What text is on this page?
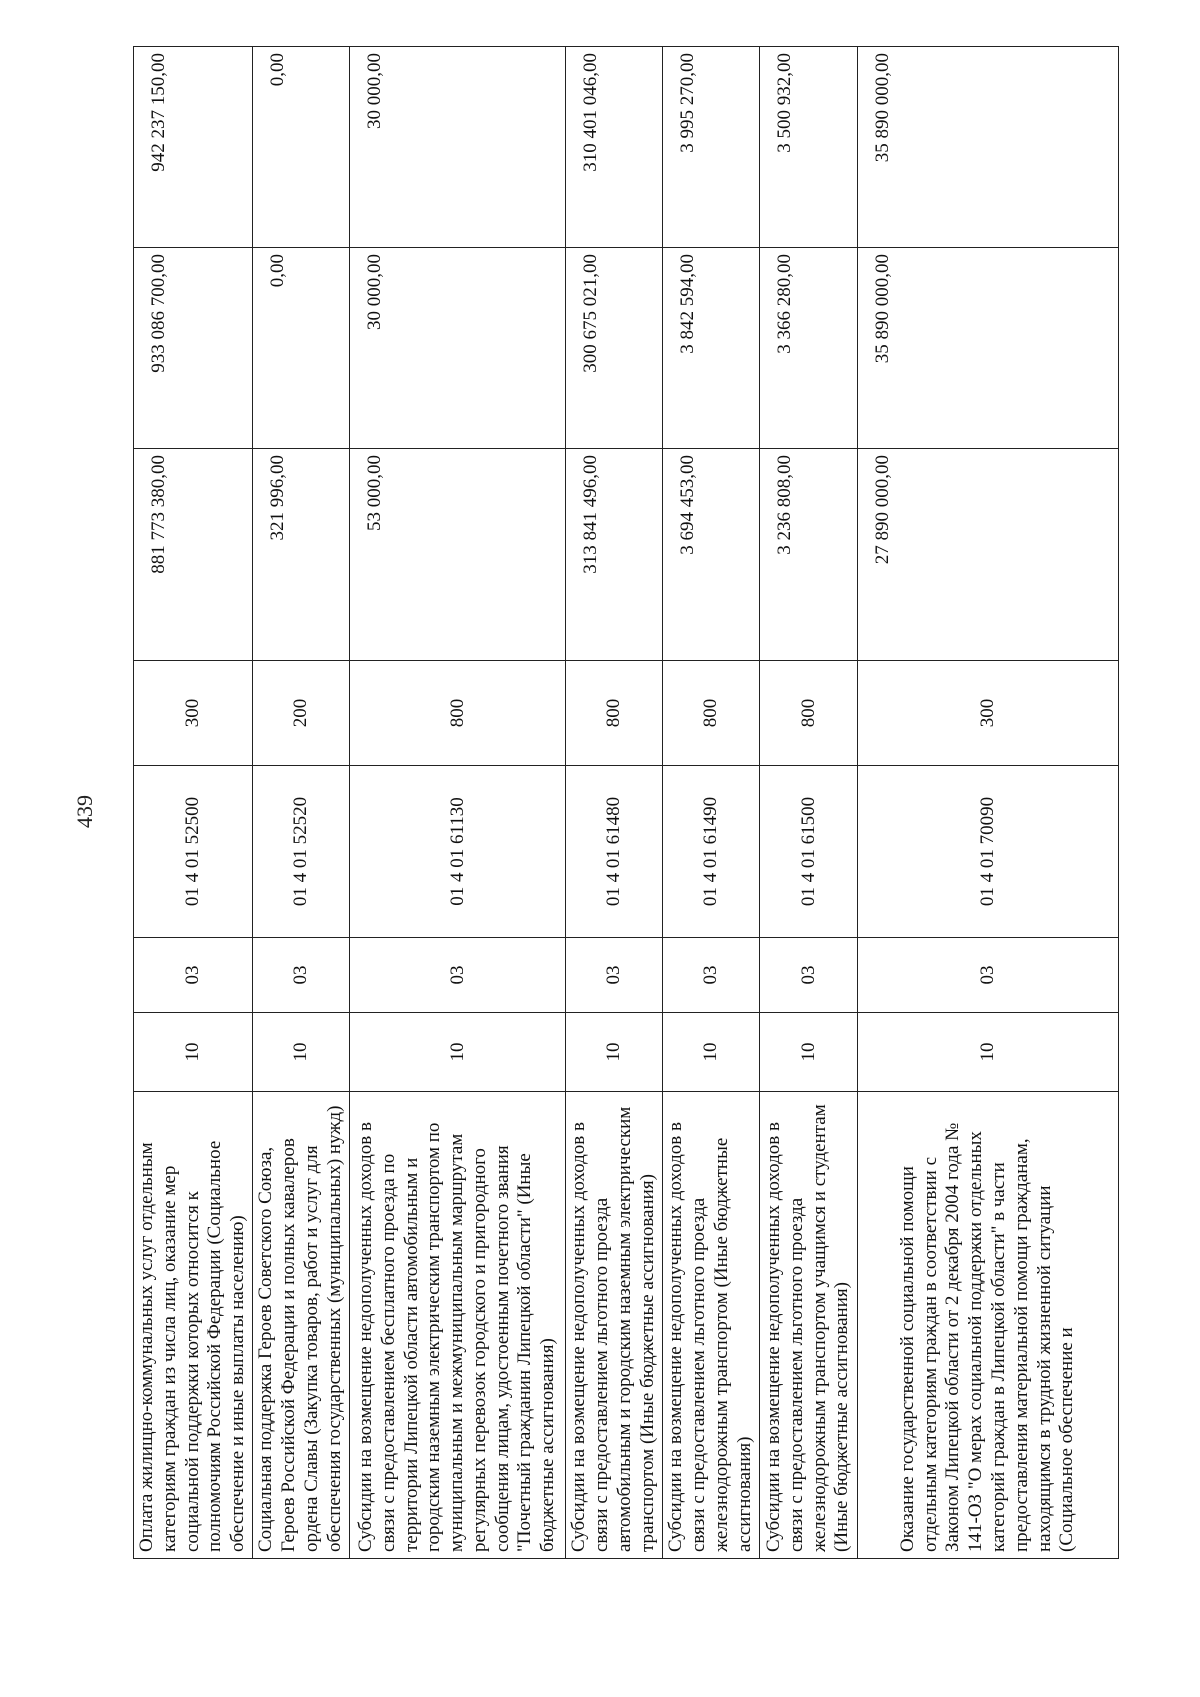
439
Оплата жилищно-коммунальных услуг отдельным категориям граждан из числа лиц, оказание мер социальной поддержки которых относится к полномочиям Российской Федерации (Социальное обеспечение и иные выплаты населению)	10	03	01 4 01 52500	300	881 773 380,00	933 086 700,00	942 237 150,00
Социальная поддержка Героев Советского Союза, Героев Российской Федерации и полных кавалеров ордена Славы (Закупка товаров, работ и услуг для обеспечения государственных (муниципальных) нужд)	10	03	01 4 01 52520	200	321 996,00	0,00	0,00
Субсидии на возмещение недополученных доходов в связи с предоставлением бесплатного проезда по территории Липецкой области автомобильным и городским наземным электрическим транспортом по муниципальным и межмуниципальным маршрутам регулярных перевозок городского и пригородного сообщения лицам, удостоенным почетного звания "Почетный гражданин Липецкой области" (Иные бюджетные ассигнования)	10	03	01 4 01 61130	800	53 000,00	30 000,00	30 000,00
Субсидии на возмещение недополученных доходов в связи с предоставлением льготного проезда автомобильным и городским наземным электрическим транспортом (Иные бюджетные ассигнования)	10	03	01 4 01 61480	800	313 841 496,00	300 675 021,00	310 401 046,00
Субсидии на возмещение недополученных доходов в связи с предоставлением льготного проезда железнодорожным транспортом (Иные бюджетные ассигнования)	10	03	01 4 01 61490	800	3 694 453,00	3 842 594,00	3 995 270,00
Субсидии на возмещение недополученных доходов в связи с предоставлением льготного проезда железнодорожным транспортом учащимся и студентам (Иные бюджетные ассигнования)	10	03	01 4 01 61500	800	3 236 808,00	3 366 280,00	3 500 932,00
Оказание государственной социальной помощи отдельным категориям граждан в соответствии с Законом Липецкой области от 2 декабря 2004 года № 141-ОЗ "О мерах социальной поддержки отдельных категорий граждан в Липецкой области" в части предоставления материальной помощи гражданам, находящимся в трудной жизненной ситуации (Социальное обеспечение и	10	03	01 4 01 70090	300	27 890 000,00	35 890 000,00	35 890 000,00
